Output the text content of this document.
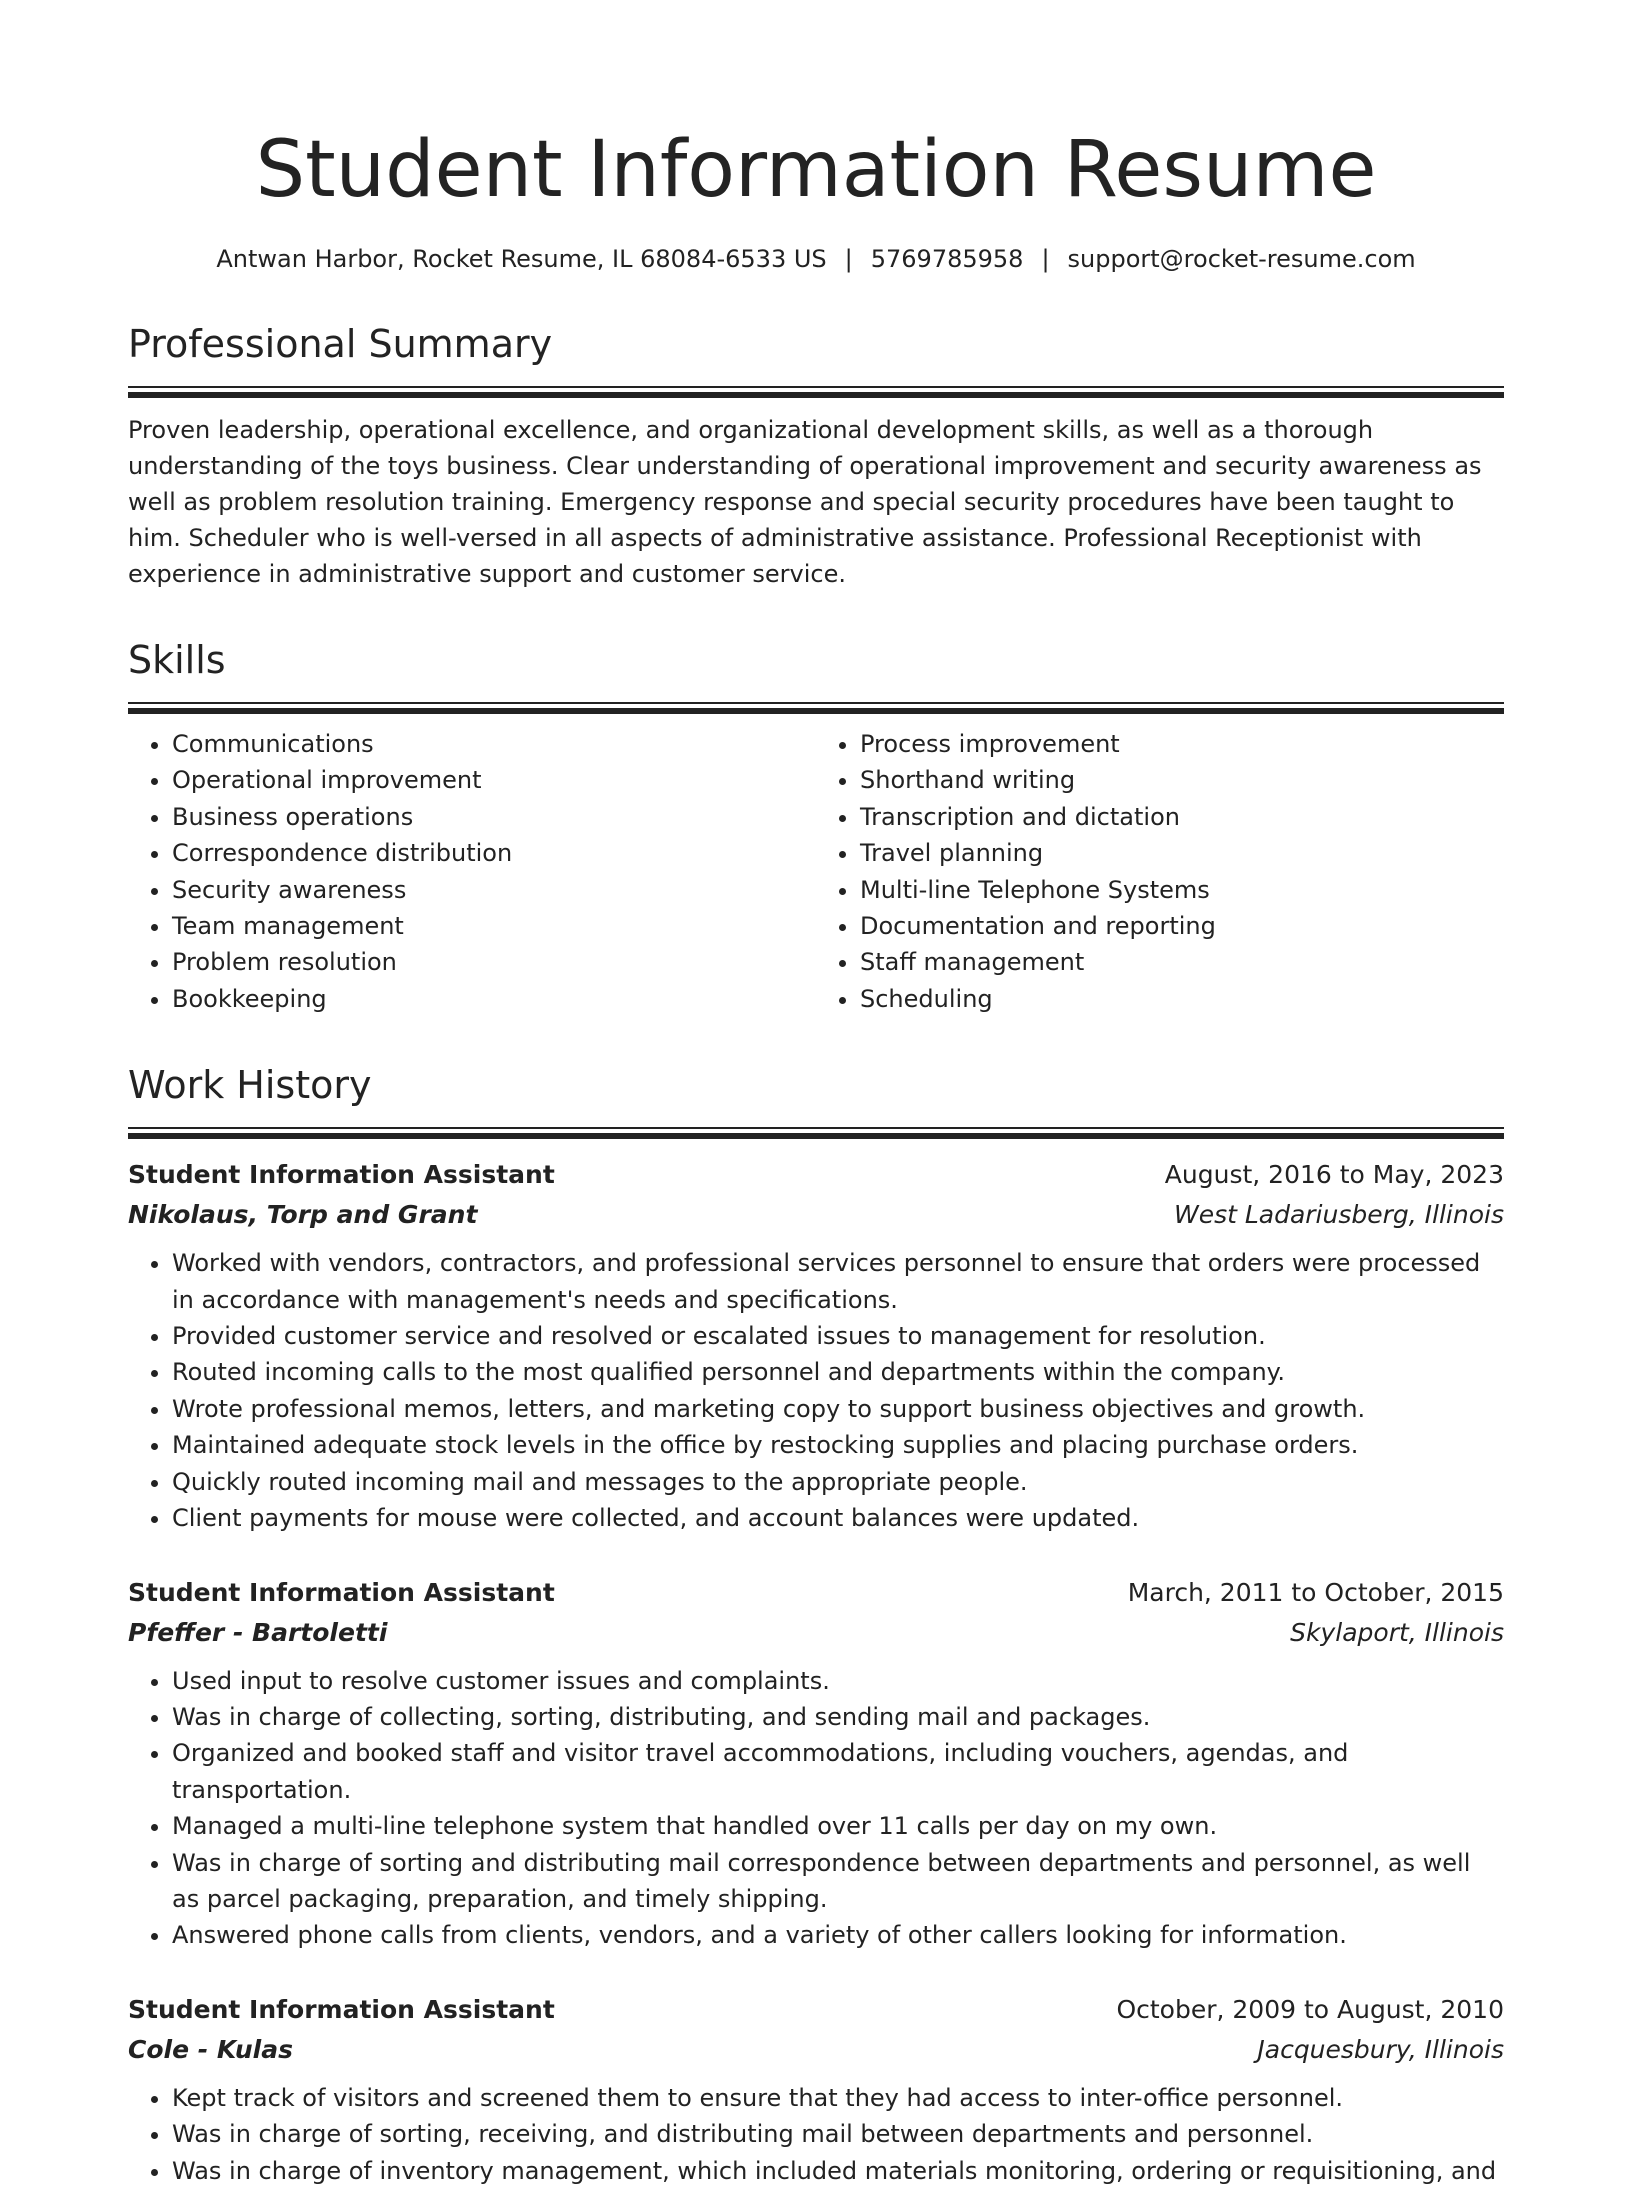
Student Information Resume
Antwan Harbor, Rocket Resume, IL 68084-6533 US | 5769785958 | support@rocket-resume.com
Professional Summary
Proven leadership, operational excellence, and organizational development skills, as well as a thorough understanding of the toys business. Clear understanding of operational improvement and security awareness as well as problem resolution training. Emergency response and special security procedures have been taught to him. Scheduler who is well-versed in all aspects of administrative assistance. Professional Receptionist with experience in administrative support and customer service.
Skills
• Communications
• Operational improvement
• Business operations
• Correspondence distribution
• Security awareness
• Team management
• Problem resolution
• Bookkeeping
• Process improvement
• Shorthand writing
• Transcription and dictation
• Travel planning
• Multi-line Telephone Systems
• Documentation and reporting
• Staff management
• Scheduling
Work History
Student Information Assistant	August, 2016 to May, 2023
Nikolaus, Torp and Grant	West Ladariusberg, Illinois
• Worked with vendors, contractors, and professional services personnel to ensure that orders were processed in accordance with management's needs and specifications.
• Provided customer service and resolved or escalated issues to management for resolution.
• Routed incoming calls to the most qualified personnel and departments within the company.
• Wrote professional memos, letters, and marketing copy to support business objectives and growth.
• Maintained adequate stock levels in the office by restocking supplies and placing purchase orders.
• Quickly routed incoming mail and messages to the appropriate people.
• Client payments for mouse were collected, and account balances were updated.
Student Information Assistant	March, 2011 to October, 2015
Pfeffer - Bartoletti	Skylaport, Illinois
• Used input to resolve customer issues and complaints.
• Was in charge of collecting, sorting, distributing, and sending mail and packages.
• Organized and booked staff and visitor travel accommodations, including vouchers, agendas, and transportation.
• Managed a multi-line telephone system that handled over 11 calls per day on my own.
• Was in charge of sorting and distributing mail correspondence between departments and personnel, as well as parcel packaging, preparation, and timely shipping.
• Answered phone calls from clients, vendors, and a variety of other callers looking for information.
Student Information Assistant	October, 2009 to August, 2010
Cole - Kulas	Jacquesbury, Illinois
• Kept track of visitors and screened them to ensure that they had access to inter-office personnel.
• Was in charge of sorting, receiving, and distributing mail between departments and personnel.
• Was in charge of inventory management, which included materials monitoring, ordering or requisitioning, and
